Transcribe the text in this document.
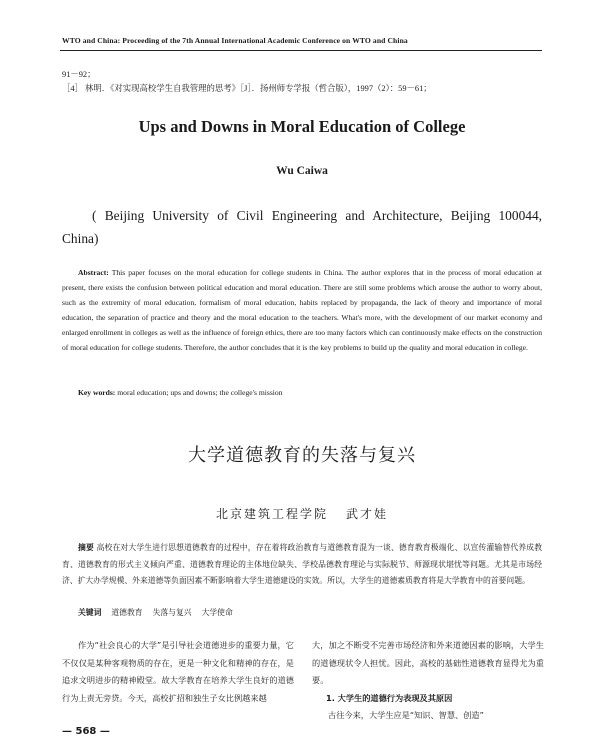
WTO and China: Proceeding of the 7th Annual International Academic Conference on WTO and China
91－92；
［4］ 林明．《对实现高校学生自我管理的思考》［J］．扬州师专学报（哲合版），1997（2）：59－61；
Ups and Downs in Moral Education of College
Wu Caiwa
( Beijing University of Civil Engineering and Architecture, Beijing 100044, China)
Abstract: This paper focuses on the moral education for college students in China. The author explores that in the process of moral education at present, there exists the confusion between political education and moral education. There are still some problems which arouse the author to worry about, such as the extremity of moral education, formalism of moral education, habits replaced by propaganda, the lack of theory and importance of moral education, the separation of practice and theory and the moral education to the teachers. What's more, with the development of our market economy and enlarged enrollment in colleges as well as the influence of foreign ethics, there are too many factors which can continuously make effects on the construction of moral education for college students. Therefore, the author concludes that it is the key problems to build up the quality and moral education in college.
Key words: moral education; ups and downs; the college's mission
大学道德教育的失落与复兴
北京建筑工程学院 武才娃
摘要 高校在对大学生进行思想道德教育的过程中，存在着将政治教育与道德教育混为一谈、德育教育极端化、以宣传灌输替代养成教育、道德教育的形式主义倾向严重、道德教育理论的主体地位缺失、学校品德教育理论与实际脱节、师源现状堪忧等问题。尤其是市场经济、扩大办学规模、外来道德等负面因素不断影响着大学生道德建设的实效。所以，大学生的道德素质教育将是大学教育中的首要问题。
关键词 道德教育 失落与复兴 大学使命
作为“社会良心的大学”是引导社会道德进步的重要力量，它不仅仅是某种客观物质的存在，更是一种文化和精神的存在，是追求文明进步的精神殿堂。故大学教育在培养大学生良好的道德行为上责无旁贷。今天，高校扩招和独生子女比例越来越
大，加之不断受不完善市场经济和外来道德因素的影响，大学生的道德现状令人担忧。因此，高校的基础性道德教育显得尤为重要。
1. 大学生的道德行为表现及其原因
古往今来，大学生应是“知识、智慧、创造”
— 568 —
